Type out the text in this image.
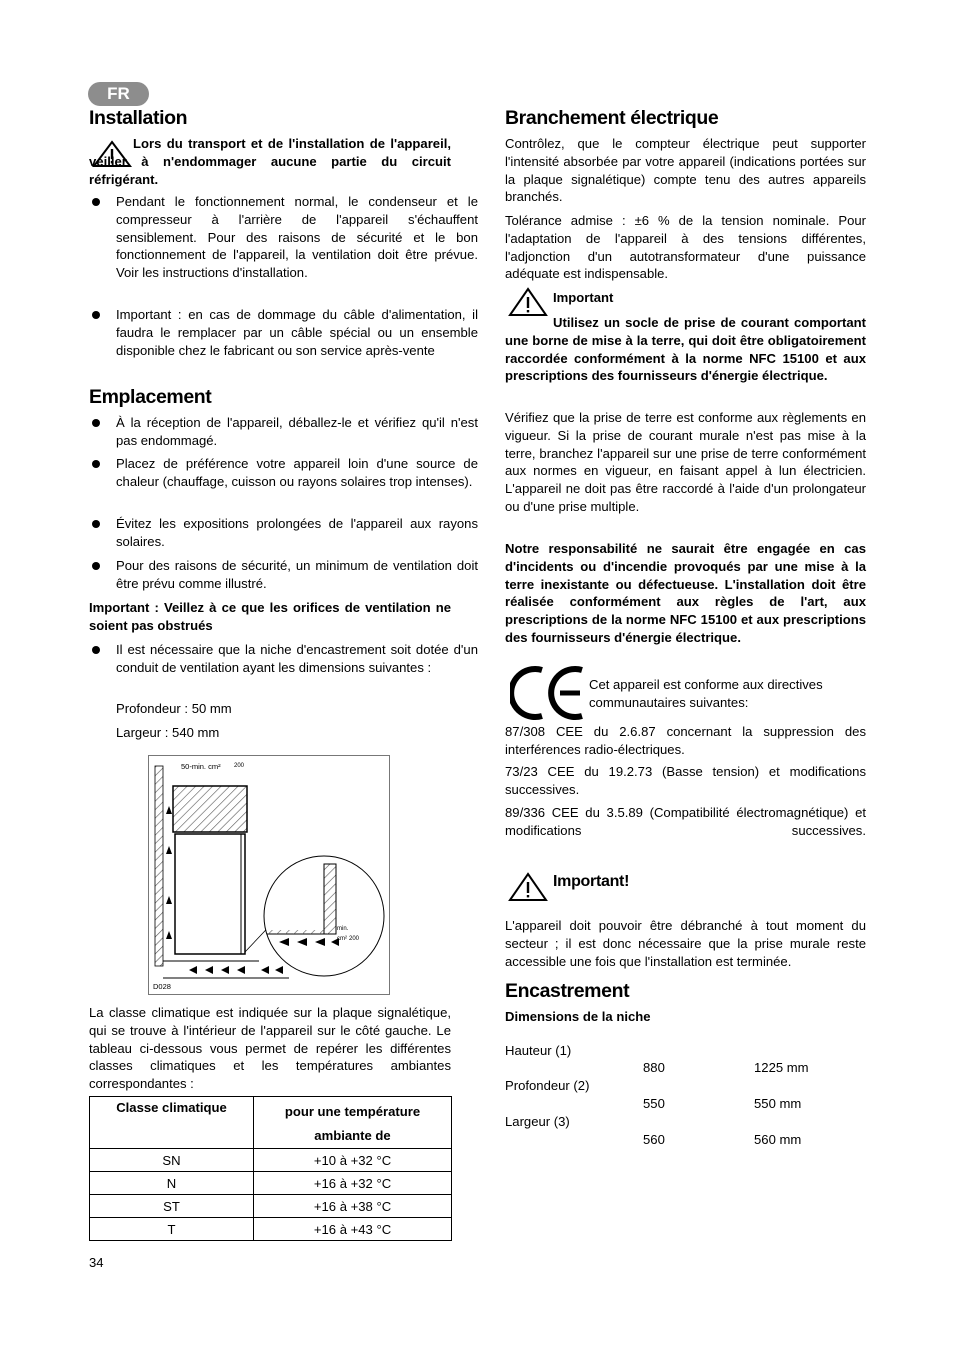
FR
Installation

Lors du transport et de l'installation de l'appareil, veiller à n'endommager aucune partie du circuit réfrigérant.

Pendant le fonctionnement normal, le condenseur et le compresseur à l'arrière de l'appareil s'échauffent sensiblement. Pour des raisons de sécurité et le bon fonctionnement de l'appareil, la ventilation doit être prévue. Voir les instructions d'installation.

Important : en cas de dommage du câble d'alimentation, il faudra le remplacer par un câble spécial ou un ensemble disponible chez le fabricant ou son service après-vente

Emplacement

À la réception de l'appareil, déballez-le et vérifiez qu'il n'est pas endommagé.

Placez de préférence votre appareil loin d'une source de chaleur (chauffage, cuisson ou rayons solaires trop intenses).

Évitez les expositions prolongées de l'appareil aux rayons solaires.

Pour des raisons de sécurité, un minimum de ventilation doit être prévu comme illustré.

Important : Veillez à ce que les orifices de ventilation ne soient pas obstrués

Il est nécessaire que la niche d'encastrement soit dotée d'un conduit de ventilation ayant les dimensions suivantes :

Profondeur : 50 mm

Largeur : 540 mm

50-min. cm² 200
min.
cm² 200
D028

La classe climatique est indiquée sur la plaque signalétique, qui se trouve à l'intérieur de l'appareil sur le côté gauche. Le tableau ci-dessous vous permet de repérer les différentes classes climatiques et les températures ambiantes correspondantes :

Classe climatique	pour une température
ambiante de
SN	+10 à +32 °C
N	+16 à +32 °C
ST	+16 à +38 °C
T	+16 à +43 °C

34

Branchement électrique

Contrôlez, que le compteur électrique peut supporter l'intensité absorbée par votre appareil (indications portées sur la plaque signalétique) compte tenu des autres appareils branchés.

Tolérance admise : ±6 % de la tension nominale. Pour l'adaptation de l'appareil à des tensions différentes, l'adjonction d'un autotransformateur d'une puissance adéquate est indispensable.

Important

Utilisez un socle de prise de courant comportant une borne de mise à la terre, qui doit être obligatoirement raccordée conformément à la norme NFC 15100 et aux prescriptions des fournisseurs d'énergie électrique.

Vérifiez que la prise de terre est conforme aux règlements en vigueur. Si la prise de courant murale n'est pas mise à la terre, branchez l'appareil sur une prise de terre conformément aux normes en vigueur, en faisant appel à lun électricien. L'appareil ne doit pas être raccordé à l'aide d'un prolongateur ou d'une prise multiple.

Notre responsabilité ne saurait être engagée en cas d'incidents ou d'incendie provoqués par une mise à la terre inexistante ou défectueuse. L'installation doit être réalisée conformément aux règles de l'art, aux prescriptions de la norme NFC 15100 et aux prescriptions des fournisseurs d'énergie électrique.

Cet appareil est conforme aux directives communautaires suivantes:

87/308 CEE du 2.6.87 concernant la suppression des interférences radio-électriques.

73/23 CEE du 19.2.73 (Basse tension) et modifications successives.

89/336 CEE du 3.5.89 (Compatibilité électromagnétique) et modifications successives.

Important!

L'appareil doit pouvoir être débranché à tout moment du secteur ; il est donc nécessaire que la prise murale reste accessible une fois que l'installation est terminée.

Encastrement

Dimensions de la niche

Hauteur (1)
880	1225 mm
Profondeur (2)
550	550 mm
Largeur (3)
560	560 mm
